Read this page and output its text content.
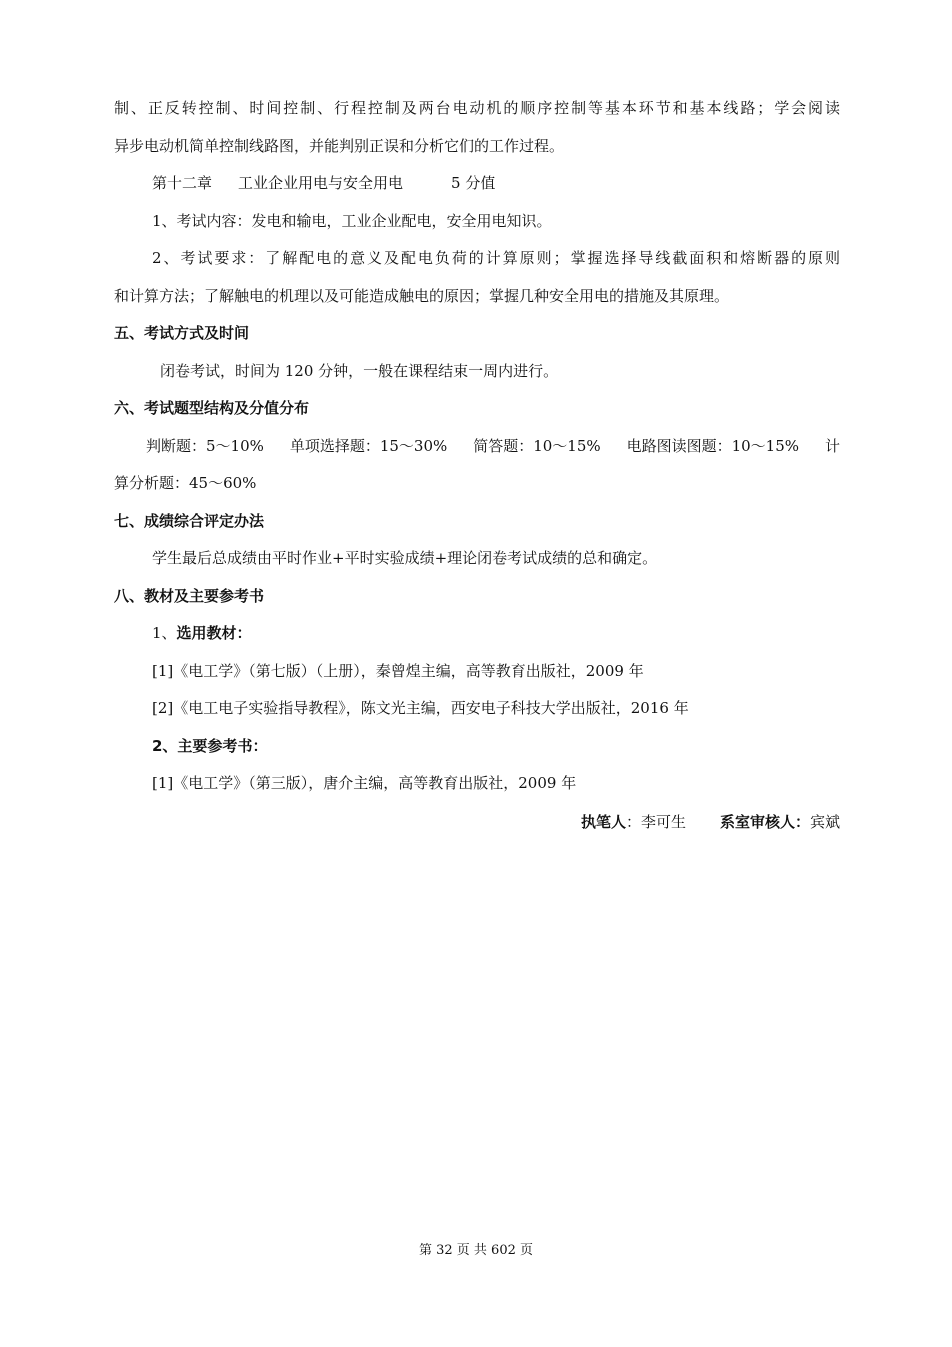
制、正反转控制、时间控制、行程控制及两台电动机的顺序控制等基本环节和基本线路；学会阅读
异步电动机简单控制线路图，并能判别正误和分析它们的工作过程。
第十二章 工业企业用电与安全用电	5 分值
1、考试内容：发电和输电，工业企业配电，安全用电知识。
2、考试要求：了解配电的意义及配电负荷的计算原则；掌握选择导线截面积和熔断器的原则
和计算方法；了解触电的机理以及可能造成触电的原因；掌握几种安全用电的措施及其原理。
五、考试方式及时间
闭卷考试，时间为 120 分钟，一般在课程结束一周内进行。
六、考试题型结构及分值分布
判断题：5～10% 单项选择题：15～30% 简答题：10～15% 电路图读图题：10～15% 计
算分析题：45～60%
七、成绩综合评定办法
学生最后总成绩由平时作业+平时实验成绩+理论闭卷考试成绩的总和确定。
八、教材及主要参考书
1、选用教材：
[1]《电工学》（第七版）（上册），秦曾煌主编，高等教育出版社，2009 年
[2]《电工电子实验指导教程》，陈文光主编，西安电子科技大学出版社，2016 年
2、主要参考书：
[1]《电工学》（第三版），唐介主编，高等教育出版社，2009 年
执笔人：李可生 系室审核人：宾斌
第 32 页 共 602 页
